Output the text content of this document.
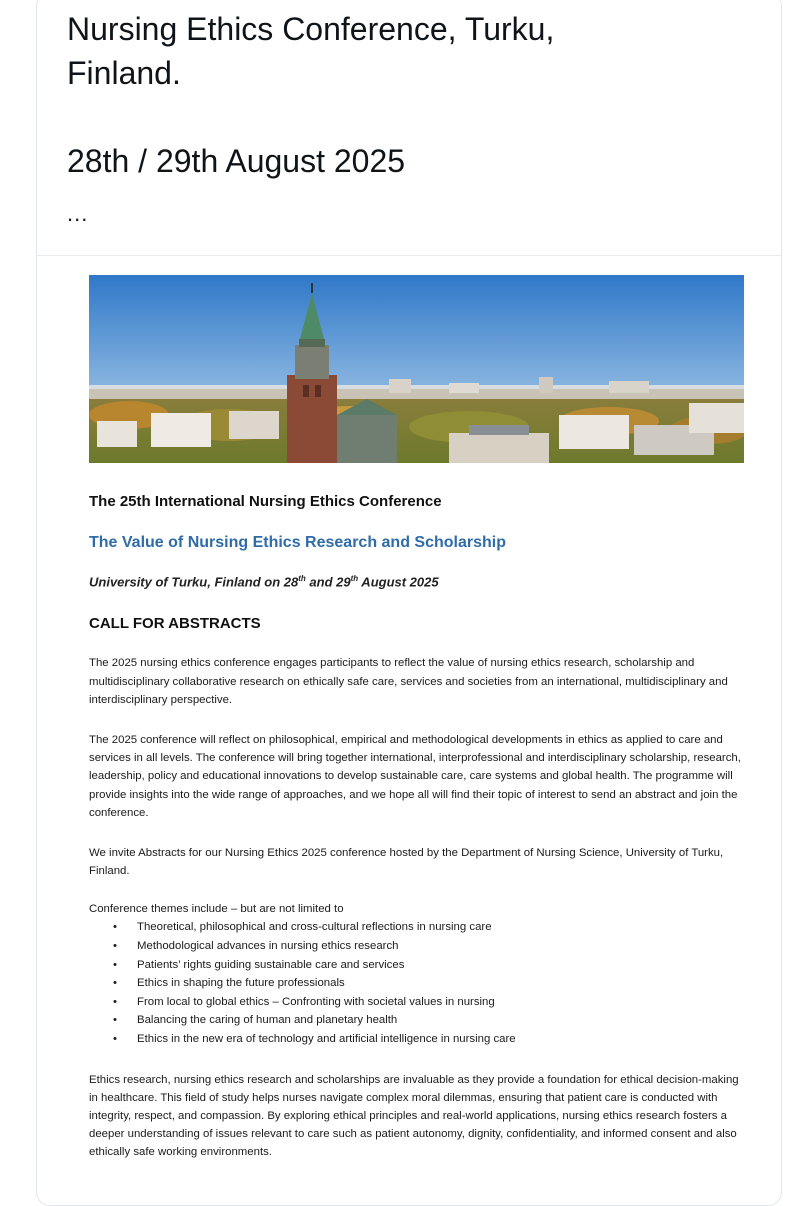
Nursing Ethics Conference, Turku,
Finland.
28th / 29th August 2025
...
The 25th International Nursing Ethics Conference
The Value of Nursing Ethics Research and Scholarship
University of Turku, Finland on 28th and 29th August 2025
CALL FOR ABSTRACTS
The 2025 nursing ethics conference engages participants to reflect the value of nursing ethics research, scholarship and multidisciplinary collaborative research on ethically safe care, services and societies from an international, multidisciplinary and interdisciplinary perspective.
The 2025 conference will reflect on philosophical, empirical and methodological developments in ethics as applied to care and services in all levels. The conference will bring together international, interprofessional and interdisciplinary scholarship, research, leadership, policy and educational innovations to develop sustainable care, care systems and global health. The programme will provide insights into the wide range of approaches, and we hope all will find their topic of interest to send an abstract and join the conference.
We invite Abstracts for our Nursing Ethics 2025 conference hosted by the Department of Nursing Science, University of Turku, Finland.
Conference themes include – but are not limited to
• Theoretical, philosophical and cross-cultural reflections in nursing care
• Methodological advances in nursing ethics research
• Patients’ rights guiding sustainable care and services
• Ethics in shaping the future professionals
• From local to global ethics – Confronting with societal values in nursing
• Balancing the caring of human and planetary health
• Ethics in the new era of technology and artificial intelligence in nursing care
Ethics research, nursing ethics research and scholarships are invaluable as they provide a foundation for ethical decision-making in healthcare. This field of study helps nurses navigate complex moral dilemmas, ensuring that patient care is conducted with integrity, respect, and compassion. By exploring ethical principles and real-world applications, nursing ethics research fosters a deeper understanding of issues relevant to care such as patient autonomy, dignity, confidentiality, and informed consent and also ethically safe working environments.
